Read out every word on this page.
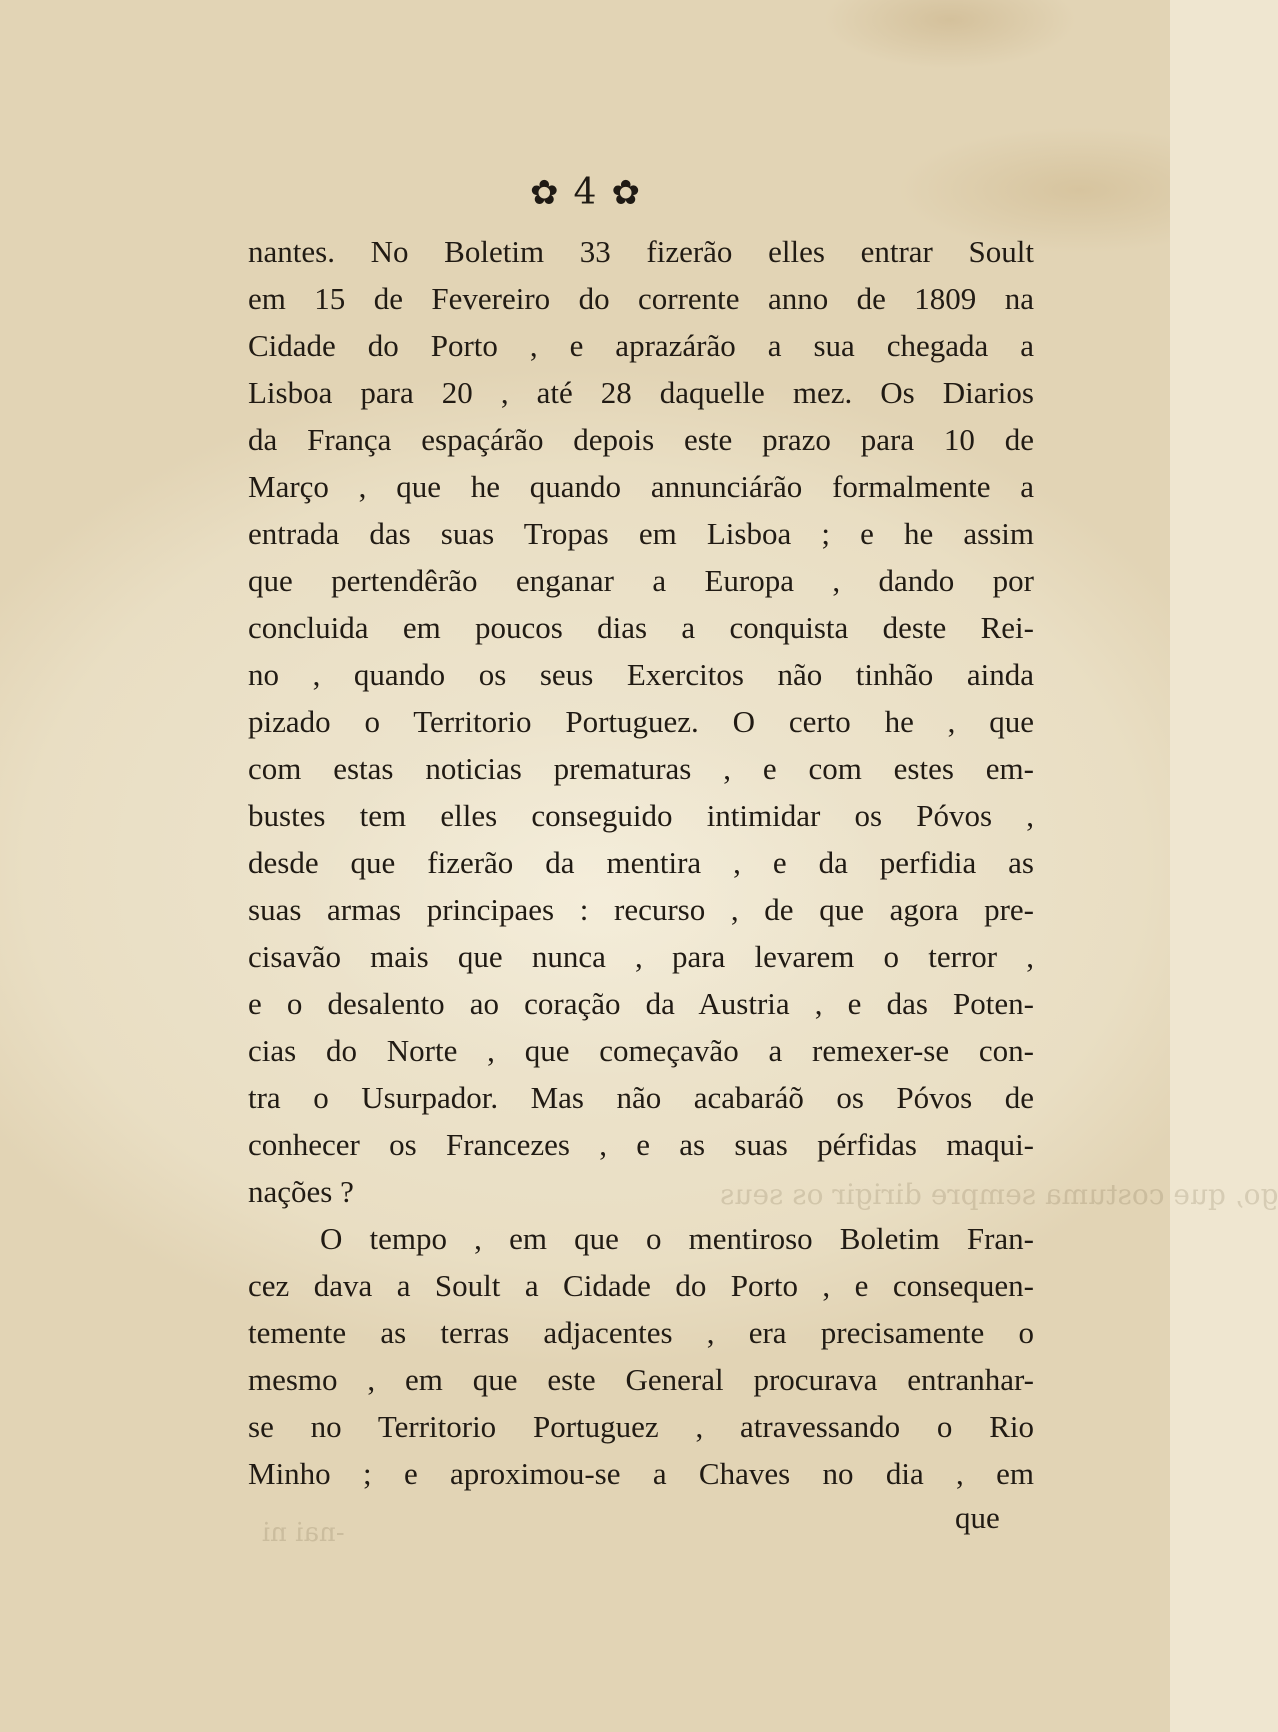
go, que costuma sempre dirigir os seus
-nai ni
✿ 4 ✿
nantes. No Boletim 33 fizerão elles entrar Soult
em 15 de Fevereiro do corrente anno de 1809 na
Cidade do Porto , e aprazárão a sua chegada a
Lisboa para 20 , até 28 daquelle mez. Os Diarios
da França espaçárão depois este prazo para 10 de
Março , que he quando annunciárão formalmente a
entrada das suas Tropas em Lisboa ; e he assim
que pertendêrão enganar a Europa , dando por
concluida em poucos dias a conquista deste Rei-
no , quando os seus Exercitos não tinhão ainda
pizado o Territorio Portuguez. O certo he , que
com estas noticias prematuras , e com estes em-
bustes tem elles conseguido intimidar os Póvos ,
desde que fizerão da mentira , e da perfidia as
suas armas principaes : recurso , de que agora pre-
cisavão mais que nunca , para levarem o terror ,
e o desalento ao coração da Austria , e das Poten-
cias do Norte , que começavão a remexer-se con-
tra o Usurpador. Mas não acabaráõ os Póvos de
conhecer os Francezes , e as suas pérfidas maqui-
nações ?
O tempo , em que o mentiroso Boletim Fran-
cez dava a Soult a Cidade do Porto , e consequen-
temente as terras adjacentes , era precisamente o
mesmo , em que este General procurava entranhar-
se no Territorio Portuguez , atravessando o Rio
Minho ; e aproximou-se a Chaves no dia , em
que
